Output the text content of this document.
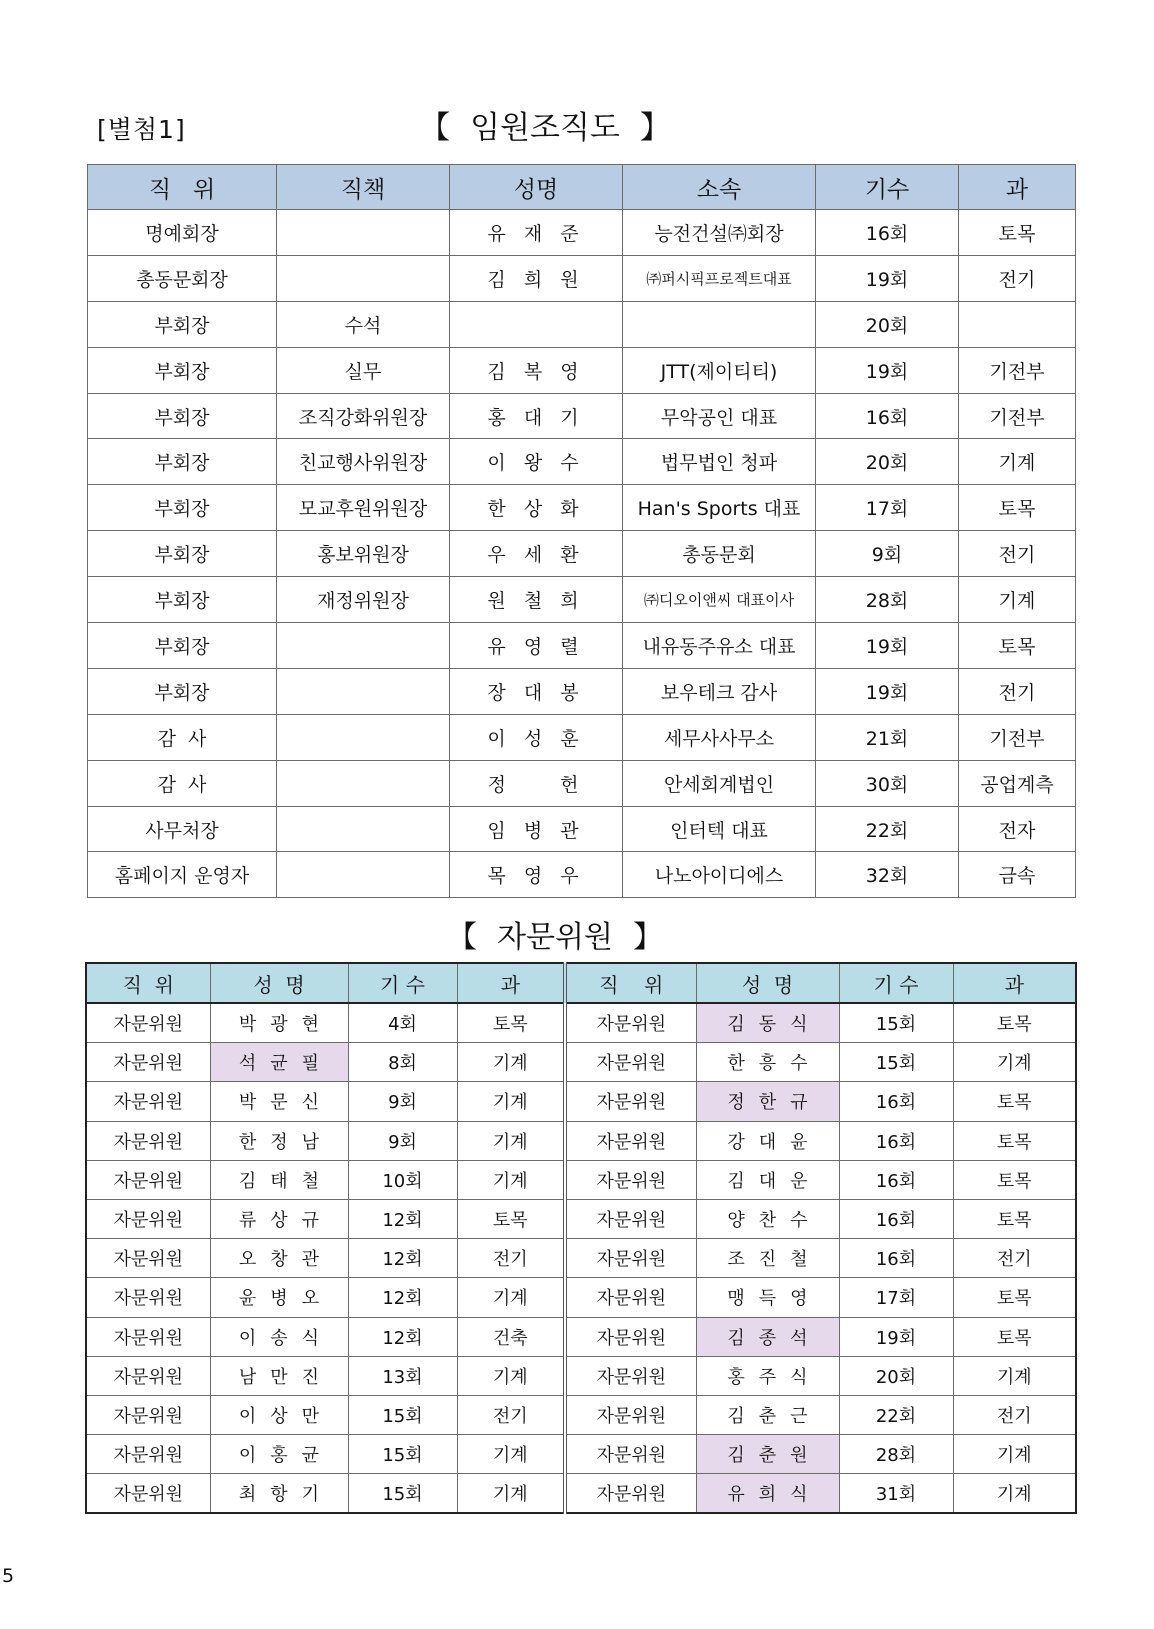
[별첨1]	【 임원조직도 】
직   위	직책	성명	소속	기수	과
명예회장		유 재 준	능전건설㈜회장	16회	토목
총동문회장		김 희 원	㈜퍼시픽프로젝트대표	19회	전기
부회장	수석			20회	
부회장	실무	김 복 영	JTT(제이티티)	19회	기전부
부회장	조직강화위원장	홍 대 기	무악공인 대표	16회	기전부
부회장	친교행사위원장	이 왕 수	법무법인 청파	20회	기계
부회장	모교후원위원장	한 상 화	Han's Sports 대표	17회	토목
부회장	홍보위원장	우 세 환	총동문회	9회	전기
부회장	재정위원장	원 철 희	㈜디오이앤씨 대표이사	28회	기계
부회장		유 영 렬	내유동주유소 대표	19회	토목
부회장		장 대 봉	보우테크 감사	19회	전기
감  사		이 성 훈	세무사사무소	21회	기전부
감  사		정    헌	안세회계법인	30회	공업계측
사무처장		임 병 관	인터텍 대표	22회	전자
홈페이지 운영자		목 영 우	나노아이디에스	32회	금속
【 자문위원 】
직  위	성  명	기 수	과	직    위	성  명	기 수	과
자문위원	박광현	4회	토목	자문위원	김동식	15회	토목
자문위원	석균필	8회	기계	자문위원	한흥수	15회	기계
자문위원	박문신	9회	기계	자문위원	정한규	16회	토목
자문위원	한정남	9회	기계	자문위원	강대윤	16회	토목
자문위원	김태철	10회	기계	자문위원	김대운	16회	토목
자문위원	류상규	12회	토목	자문위원	양찬수	16회	토목
자문위원	오창관	12회	전기	자문위원	조진철	16회	전기
자문위원	윤병오	12회	기계	자문위원	맹득영	17회	토목
자문위원	이송식	12회	건축	자문위원	김종석	19회	토목
자문위원	남만진	13회	기계	자문위원	홍주식	20회	기계
자문위원	이상만	15회	전기	자문위원	김춘근	22회	전기
자문위원	이홍균	15회	기계	자문위원	김춘원	28회	기계
자문위원	최항기	15회	기계	자문위원	유희식	31회	기계
5
